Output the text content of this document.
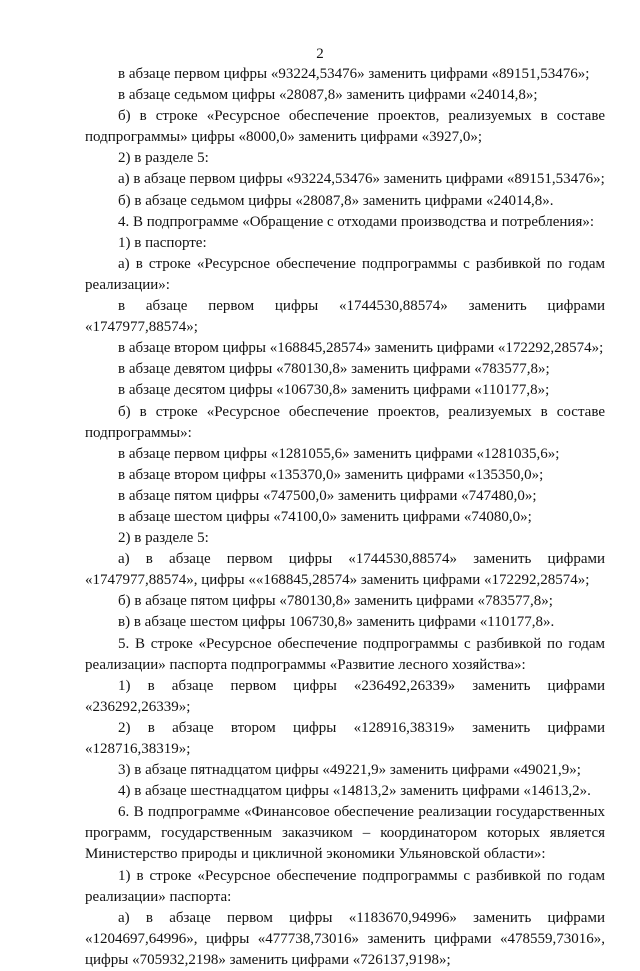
2

в абзаце первом цифры «93224,53476» заменить цифрами «89151,53476»;

в абзаце седьмом цифры «28087,8» заменить цифрами «24014,8»;

б) в строке «Ресурсное обеспечение проектов, реализуемых в составе подпрограммы» цифры «8000,0» заменить цифрами «3927,0»;

2) в разделе 5:

а) в абзаце первом цифры «93224,53476» заменить цифрами «89151,53476»;

б) в абзаце седьмом цифры «28087,8» заменить цифрами «24014,8».

4. В подпрограмме «Обращение с отходами производства и потребления»:

1) в паспорте:

а) в строке «Ресурсное обеспечение подпрограммы с разбивкой по годам реализации»:

в абзаце первом цифры «1744530,88574» заменить цифрами «1747977,88574»;

в абзаце втором цифры «168845,28574» заменить цифрами «172292,28574»;

в абзаце девятом цифры «780130,8» заменить цифрами «783577,8»;

в абзаце десятом цифры «106730,8» заменить цифрами «110177,8»;

б) в строке «Ресурсное обеспечение проектов, реализуемых в составе подпрограммы»:

в абзаце первом цифры «1281055,6» заменить цифрами «1281035,6»;

в абзаце втором цифры «135370,0» заменить цифрами «135350,0»;

в абзаце пятом цифры «747500,0» заменить цифрами «747480,0»;

в абзаце шестом цифры «74100,0» заменить цифрами «74080,0»;

2) в разделе 5:

а) в абзаце первом цифры «1744530,88574» заменить цифрами «1747977,88574», цифры ««168845,28574» заменить цифрами «172292,28574»;

б) в абзаце пятом цифры «780130,8» заменить цифрами «783577,8»;

в) в абзаце шестом цифры 106730,8» заменить цифрами «110177,8».

5. В строке «Ресурсное обеспечение подпрограммы с разбивкой по годам реализации» паспорта подпрограммы «Развитие лесного хозяйства»:

1) в абзаце первом цифры «236492,26339» заменить цифрами «236292,26339»;

2) в абзаце втором цифры «128916,38319» заменить цифрами «128716,38319»;

3) в абзаце пятнадцатом цифры «49221,9» заменить цифрами «49021,9»;

4) в абзаце шестнадцатом цифры «14813,2» заменить цифрами «14613,2».

6. В подпрограмме «Финансовое обеспечение реализации государственных программ, государственным заказчиком – координатором которых является Министерство природы и цикличной экономики Ульяновской области»:

1) в строке «Ресурсное обеспечение подпрограммы с разбивкой по годам реализации» паспорта:

а) в абзаце первом цифры «1183670,94996» заменить цифрами «1204697,64996», цифры «477738,73016» заменить цифрами «478559,73016», цифры «705932,2198» заменить цифрами «726137,9198»;
